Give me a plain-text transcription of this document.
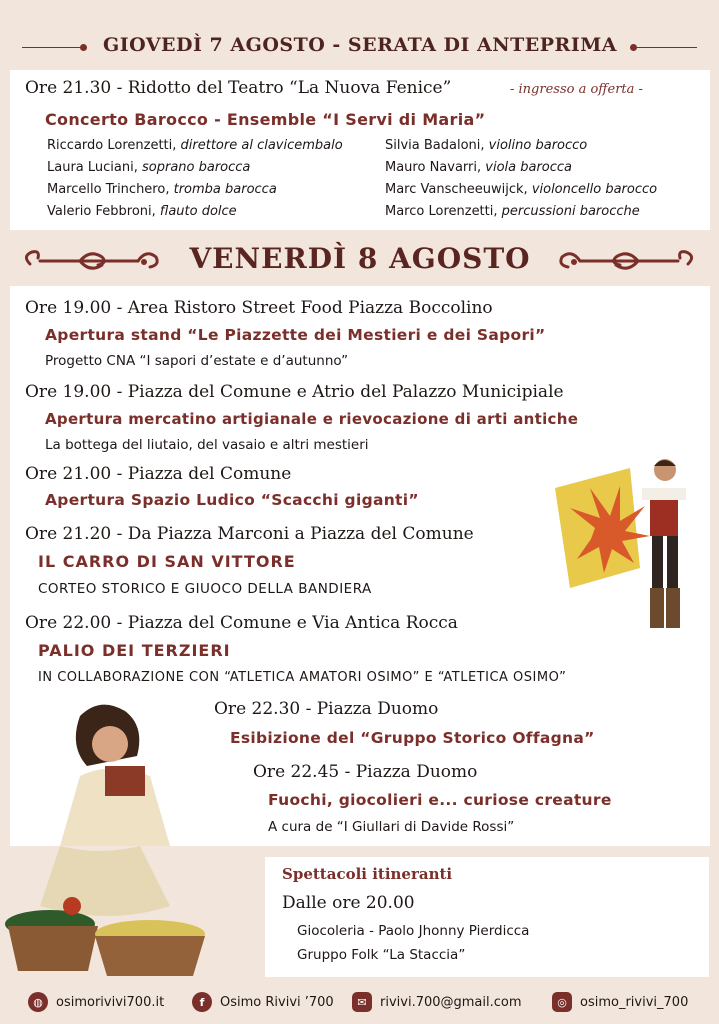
GIOVEDÌ 7 AGOSTO - SERATA DI ANTEPRIMA
Ore 21.30 - Ridotto del Teatro “La Nuova Fenice”	- ingresso a offerta -
Concerto Barocco - Ensemble “I Servi di Maria”
Riccardo Lorenzetti, direttore al clavicembalo	Silvia Badaloni, violino barocco
Laura Luciani, soprano barocca	Mauro Navarri, viola barocca
Marcello Trinchero, tromba barocca	Marc Vanscheeuwijck, violoncello barocco
Valerio Febbroni, flauto dolce	Marco Lorenzetti, percussioni barocche
VENERDÌ 8 AGOSTO
Ore 19.00 - Area Ristoro Street Food Piazza Boccolino
Apertura stand “Le Piazzette dei Mestieri e dei Sapori”
Progetto CNA “I sapori d’estate e d’autunno”
Ore 19.00 - Piazza del Comune e Atrio del Palazzo Municipiale
Apertura mercatino artigianale e rievocazione di arti antiche
La bottega del liutaio, del vasaio e altri mestieri
Ore 21.00 - Piazza del Comune
Apertura Spazio Ludico “Scacchi giganti”
Ore 21.20 - Da Piazza Marconi a Piazza del Comune
IL CARRO DI SAN VITTORE
CORTEO STORICO E GIUOCO DELLA BANDIERA
Ore 22.00 - Piazza del Comune e Via Antica Rocca
PALIO DEI TERZIERI
IN COLLABORAZIONE CON “ATLETICA AMATORI OSIMO” E “ATLETICA OSIMO”
Ore 22.30 - Piazza Duomo
Esibizione del “Gruppo Storico Offagna”
Ore 22.45 - Piazza Duomo
Fuochi, giocolieri e... curiose creature
A cura de “I Giullari di Davide Rossi”
Spettacoli itineranti
Dalle ore 20.00
Giocoleria - Paolo Jhonny Pierdicca
Gruppo Folk “La Staccia”
◍	osimorivivi700.it	f	Osimo Rivivi ’700	✉	rivivi.700@gmail.com	◎	osimo_rivivi_700
